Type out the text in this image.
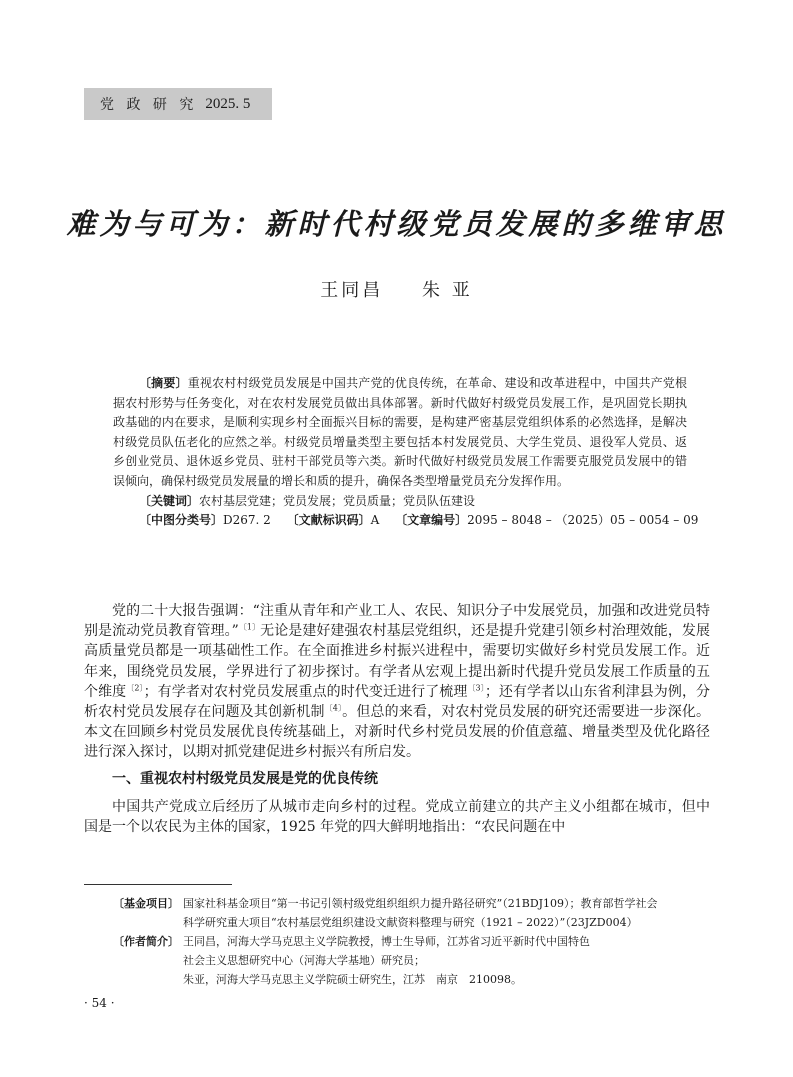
党 政 研 究 2025. 5
难为与可为：新时代村级党员发展的多维审思
王同昌 朱 亚
〔摘要〕重视农村村级党员发展是中国共产党的优良传统，在革命、建设和改革进程中，中国共产党根据农村形势与任务变化，对在农村发展党员做出具体部署。新时代做好村级党员发展工作，是巩固党长期执政基础的内在要求，是顺利实现乡村全面振兴目标的需要，是构建严密基层党组织体系的必然选择，是解决村级党员队伍老化的应然之举。村级党员增量类型主要包括本村发展党员、大学生党员、退役军人党员、返乡创业党员、退休返乡党员、驻村干部党员等六类。新时代做好村级党员发展工作需要克服党员发展中的错误倾向，确保村级党员发展量的增长和质的提升，确保各类型增量党员充分发挥作用。

〔关键词〕农村基层党建；党员发展；党员质量；党员队伍建设

〔中图分类号〕D267. 2 〔文献标识码〕A 〔文章编号〕2095 – 8048 – （2025）05 – 0054 – 09

党的二十大报告强调：“注重从青年和产业工人、农民、知识分子中发展党员，加强和改进党员特别是流动党员教育管理。”$^{〔1〕}$无论是建好建强农村基层党组织，还是提升党建引领乡村治理效能，发展高质量党员都是一项基础性工作。在全面推进乡村振兴进程中，需要切实做好乡村党员发展工作。近年来，围绕党员发展，学界进行了初步探讨。有学者从宏观上提出新时代提升党员发展工作质量的五个维度$^{〔2〕}$；有学者对农村党员发展重点的时代变迁进行了梳理$^{〔3〕}$；还有学者以山东省利津县为例，分析农村党员发展存在问题及其创新机制$^{〔4〕}$。但总的来看，对农村党员发展的研究还需要进一步深化。本文在回顾乡村党员发展优良传统基础上，对新时代乡村党员发展的价值意蕴、增量类型及优化路径进行深入探讨，以期对抓党建促进乡村振兴有所启发。

一、重视农村村级党员发展是党的优良传统

中国共产党成立后经历了从城市走向乡村的过程。党成立前建立的共产主义小组都在城市，但中国是一个以农民为主体的国家，1925 年党的四大鲜明地指出：“农民问题在中

〔基金项目〕 国家社科基金项目“第一书记引领村级党组织组织力提升路径研究”（21BDJ109）；教育部哲学社会
科学研究重大项目“农村基层党组织建设文献资料整理与研究（1921 – 2022）”（23JZD004）
〔作者简介〕 王同昌，河海大学马克思主义学院教授，博士生导师，江苏省习近平新时代中国特色
社会主义思想研究中心（河海大学基地）研究员；
朱亚，河海大学马克思主义学院硕士研究生，江苏　南京　210098。
· 54 ·
